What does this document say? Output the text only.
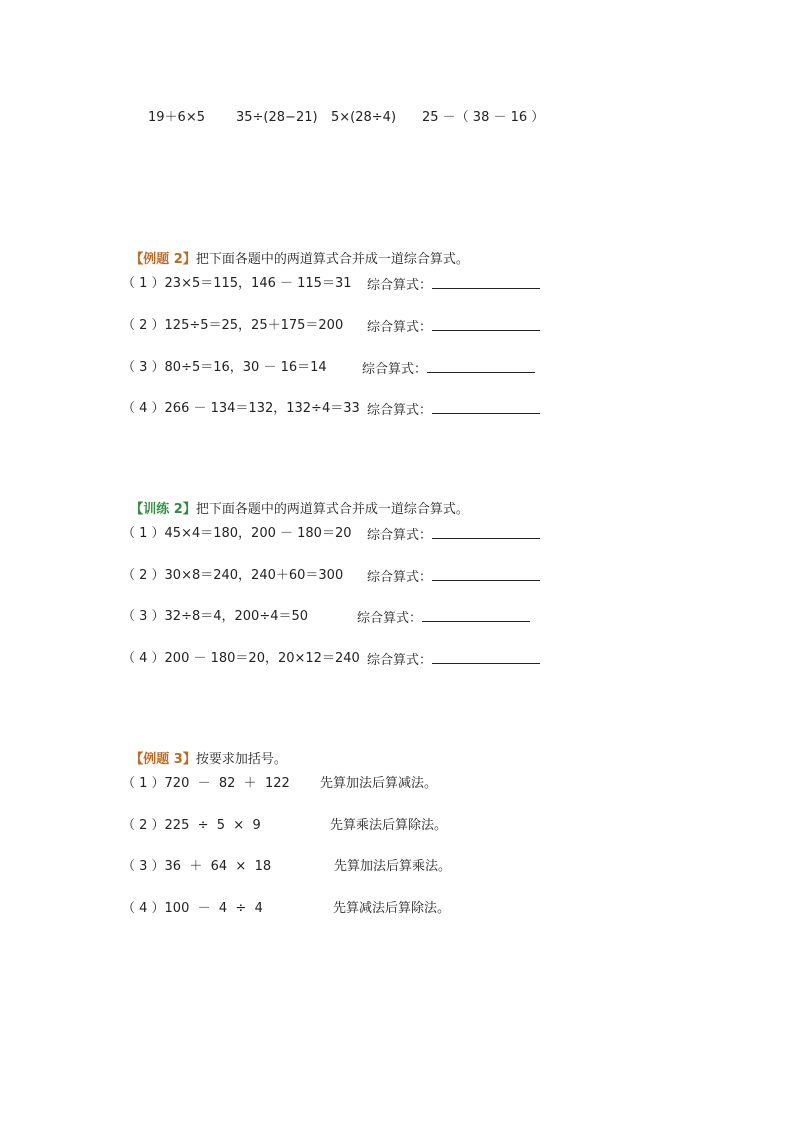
19＋6×5 35÷(28−21) 5×(28÷4) 25 －（ 38 － 16 ）

【例题 2】把下面各题中的两道算式合并成一道综合算式。

（ 1 ）23×5＝115，146 － 115＝31 综合算式：
（ 2 ）125÷5＝25，25＋175＝200 综合算式：
（ 3 ）80÷5＝16，30 － 16＝14	综合算式：
（ 4 ）266 － 134＝132，132÷4＝33 综合算式：

【训练 2】把下面各题中的两道算式合并成一道综合算式。

（ 1 ）45×4＝180，200 － 180＝20 综合算式：
（ 2 ）30×8＝240，240＋60＝300 综合算式：
（ 3 ）32÷8＝4，200÷4＝50	综合算式：
（ 4 ）200 － 180＝20，20×12＝240 综合算式：

【例题 3】按要求加括号。

（ 1 ）720  －  82  ＋  122 先算加法后算减法。
（ 2 ）225  ÷  5  ×  9	先算乘法后算除法。
（ 3 ）36  ＋  64  ×  18	先算加法后算乘法。
（ 4 ）100  －  4  ÷  4	先算减法后算除法。
